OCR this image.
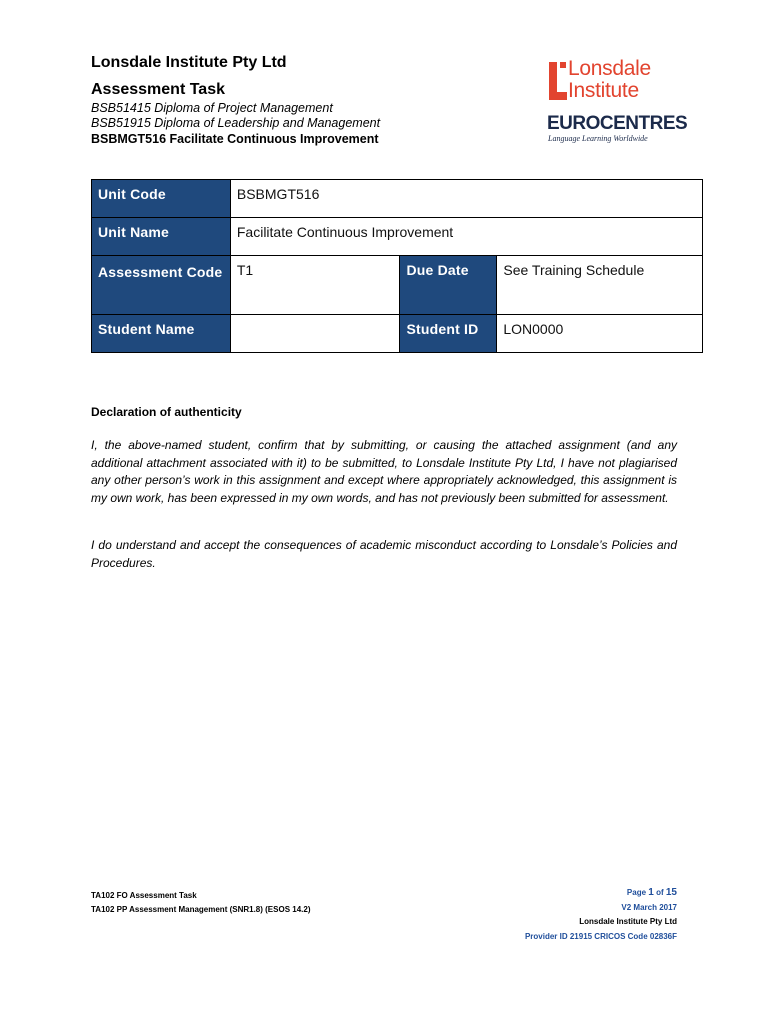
Lonsdale Institute Pty Ltd
Assessment Task
BSB51415 Diploma of Project Management
BSB51915 Diploma of Leadership and Management
BSBMGT516 Facilitate Continuous Improvement
Lonsdale
Institute
EUROCENTRES
Language Learning Worldwide
Unit Code	BSBMGT516		
Unit Name	Facilitate Continuous Improvement		
Assessment Code	T1	Due Date	See Training Schedule
Student Name		Student ID	LON0000
Declaration of authenticity
I, the above-named student, confirm that by submitting, or causing the attached assignment (and any additional attachment associated with it) to be submitted, to Lonsdale Institute Pty Ltd, I have not plagiarised any other person’s work in this assignment and except where appropriately acknowledged, this assignment is my own work, has been expressed in my own words, and has not previously been submitted for assessment.
I do understand and accept the consequences of academic misconduct according to Lonsdale’s Policies and Procedures.
TA102 FO Assessment Task
TA102 PP Assessment Management (SNR1.8) (ESOS 14.2)
Page 1 of 15
V2 March 2017
Lonsdale Institute Pty Ltd
Provider ID 21915 CRICOS Code 02836F
